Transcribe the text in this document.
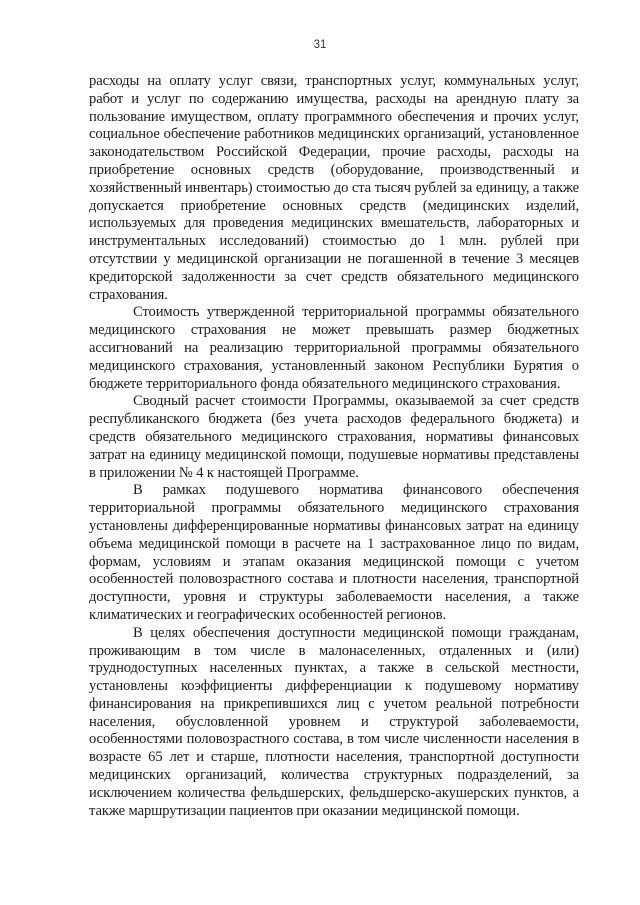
31

расходы на оплату услуг связи, транспортных услуг, коммунальных услуг, работ и услуг по содержанию имущества, расходы на арендную плату за пользование имуществом, оплату программного обеспечения и прочих услуг, социальное обеспечение работников медицинских организаций, установленное законодательством Российской Федерации, прочие расходы, расходы на приобретение основных средств (оборудование, производственный и хозяйственный инвентарь) стоимостью до ста тысяч рублей за единицу, а также допускается приобретение основных средств (медицинских изделий, используемых для проведения медицинских вмешательств, лабораторных и инструментальных исследований) стоимостью до 1 млн. рублей при отсутствии у медицинской организации не погашенной в течение 3 месяцев кредиторской задолженности за счет средств обязательного медицинского страхования.

Стоимость утвержденной территориальной программы обязательного медицинского страхования не может превышать размер бюджетных ассигнований на реализацию территориальной программы обязательного медицинского страхования, установленный законом Республики Бурятия о бюджете территориального фонда обязательного медицинского страхования.

Сводный расчет стоимости Программы, оказываемой за счет средств республиканского бюджета (без учета расходов федерального бюджета) и средств обязательного медицинского страхования, нормативы финансовых затрат на единицу медицинской помощи, подушевые нормативы представлены в приложении № 4 к настоящей Программе.

В рамках подушевого норматива финансового обеспечения территориальной программы обязательного медицинского страхования установлены дифференцированные нормативы финансовых затрат на единицу объема медицинской помощи в расчете на 1 застрахованное лицо по видам, формам, условиям и этапам оказания медицинской помощи с учетом особенностей половозрастного состава и плотности населения, транспортной доступности, уровня и структуры заболеваемости населения, а также климатических и географических особенностей регионов.

В целях обеспечения доступности медицинской помощи гражданам, проживающим в том числе в малонаселенных, отдаленных и (или) труднодоступных населенных пунктах, а также в сельской местности, установлены коэффициенты дифференциации к подушевому нормативу финансирования на прикрепившихся лиц с учетом реальной потребности населения, обусловленной уровнем и структурой заболеваемости, особенностями половозрастного состава, в том числе численности населения в возрасте 65 лет и старше, плотности населения, транспортной доступности медицинских организаций, количества структурных подразделений, за исключением количества фельдшерских, фельдшерско-акушерских пунктов, а также маршрутизации пациентов при оказании медицинской помощи.
